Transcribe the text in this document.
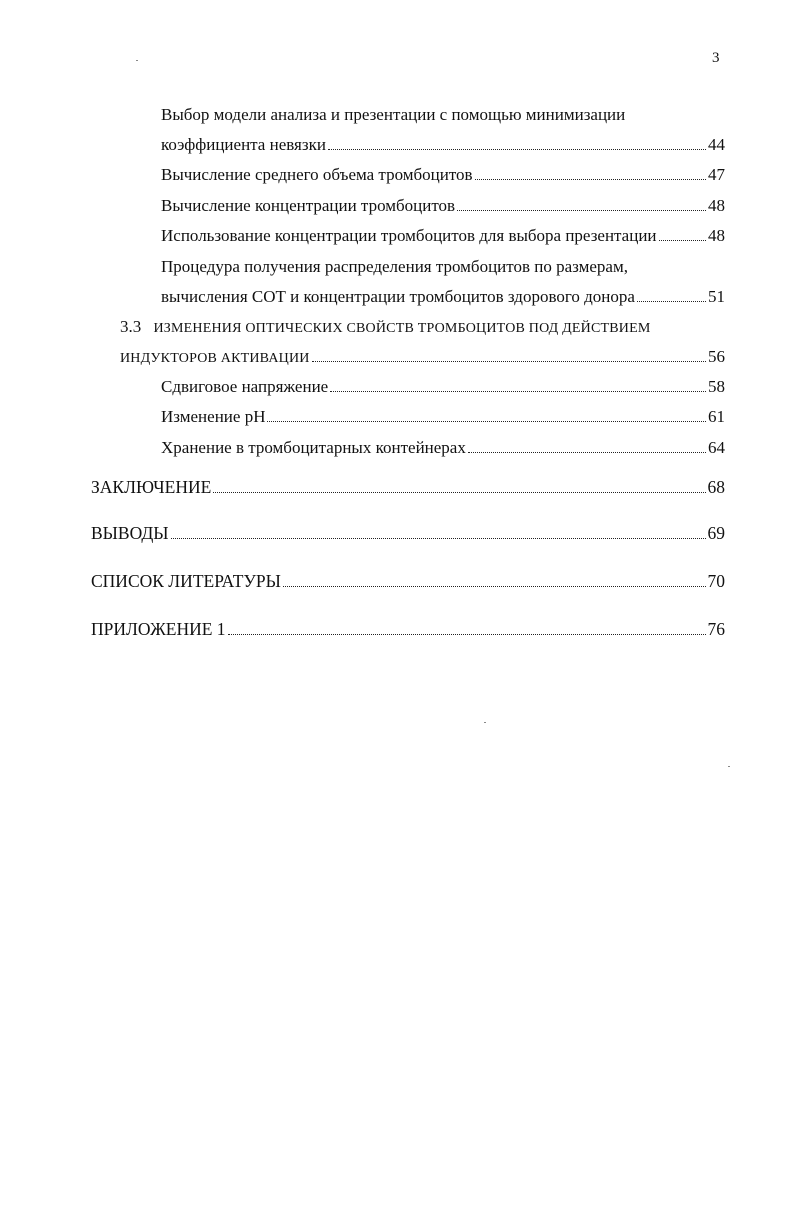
3
Выбор модели анализа и презентации с помощью минимизации
коэффициента невязки	44
Вычисление среднего объема тромбоцитов	47
Вычисление концентрации тромбоцитов	48
Использование концентрации тромбоцитов для выбора презентации	48
Процедура получения распределения тромбоцитов по размерам,
вычисления СОТ и концентрации тромбоцитов здорового донора	51
3.3 ИЗМЕНЕНИЯ ОПТИЧЕСКИХ СВОЙСТВ ТРОМБОЦИТОВ ПОД ДЕЙСТВИЕМ
ИНДУКТОРОВ АКТИВАЦИИ	56
Сдвиговое напряжение	58
Изменение рН	61
Хранение в тромбоцитарных контейнерах	64
ЗАКЛЮЧЕНИЕ	68
ВЫВОДЫ	69
СПИСОК ЛИТЕРАТУРЫ	70
ПРИЛОЖЕНИЕ 1	76
